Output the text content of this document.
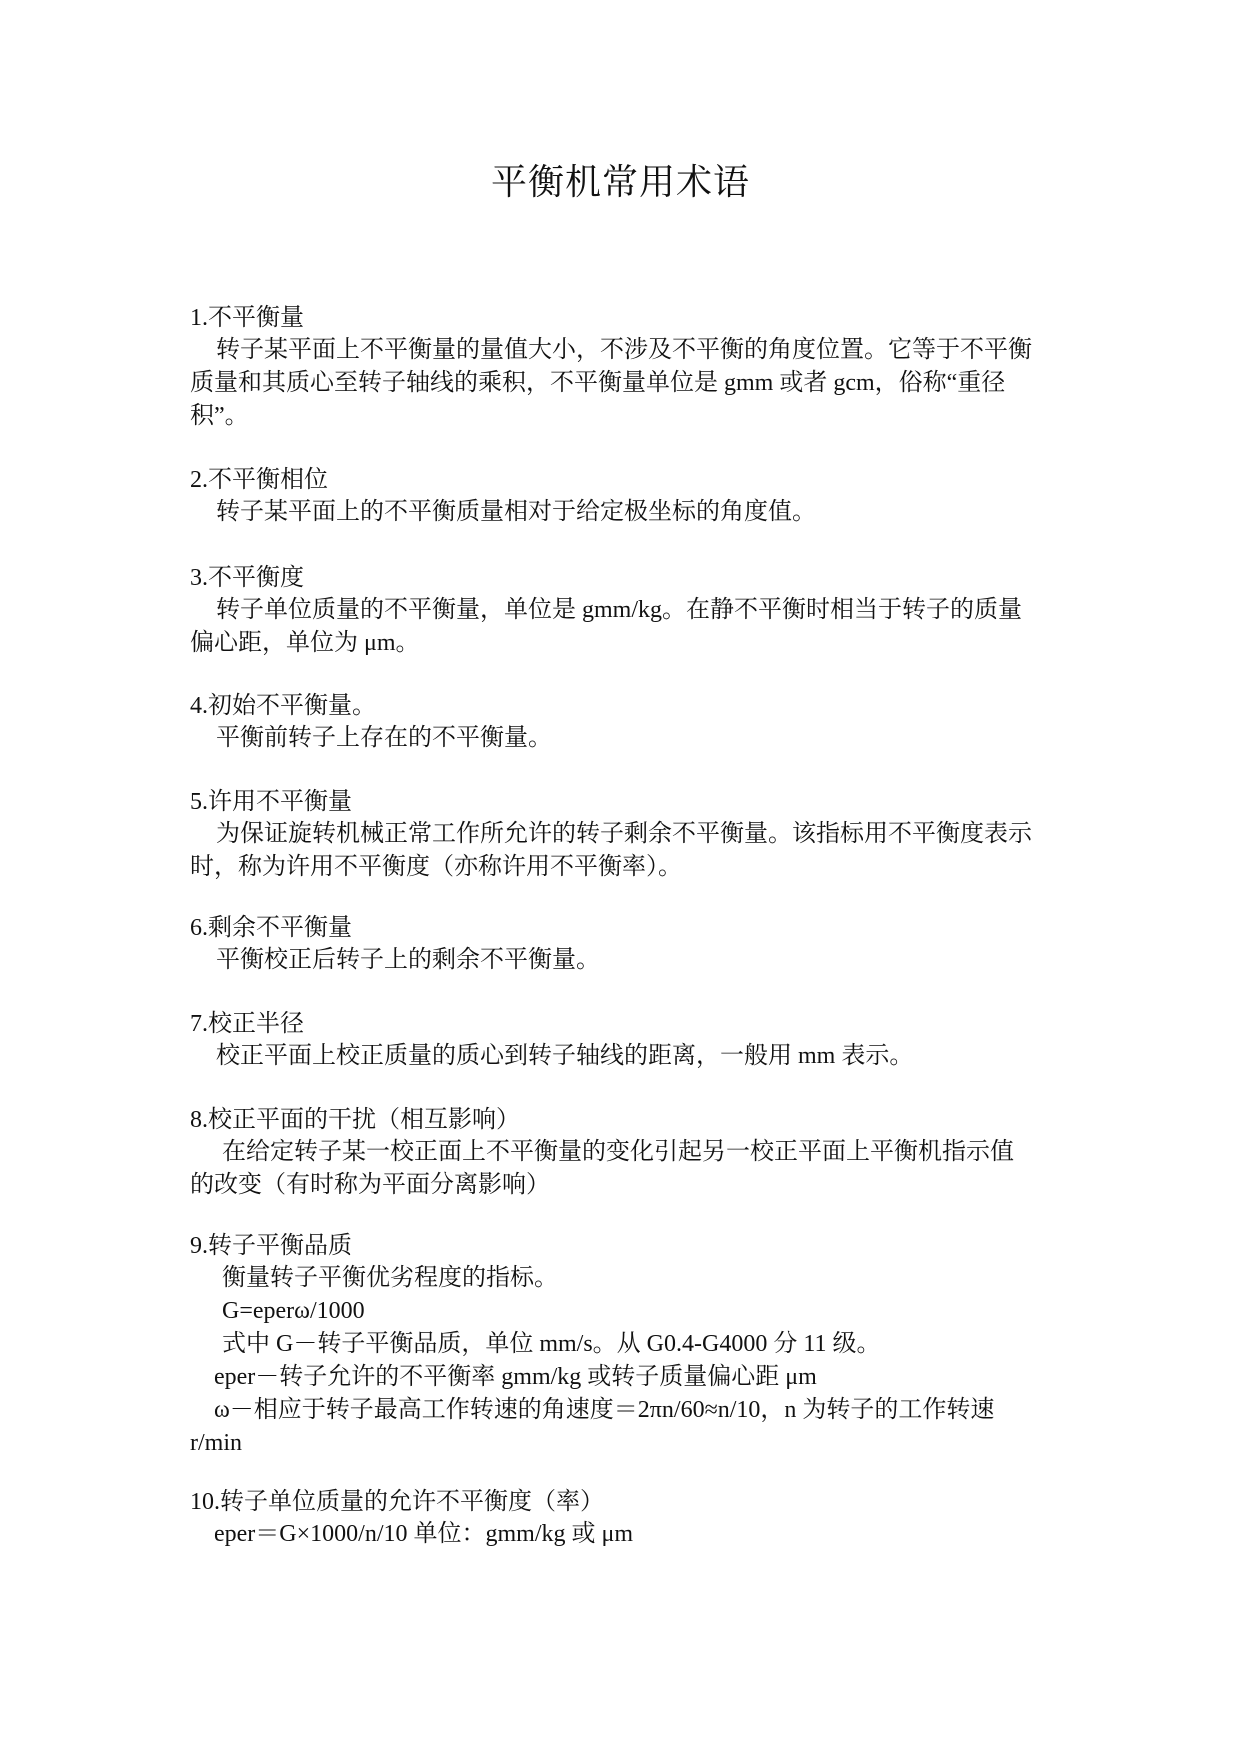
平衡机常用术语
1.不平衡量
转子某平面上不平衡量的量值大小，不涉及不平衡的角度位置。它等于不平衡
质量和其质心至转子轴线的乘积，不平衡量单位是 gmm 或者 gcm，俗称“重径
积”。
2.不平衡相位
转子某平面上的不平衡质量相对于给定极坐标的角度值。
3.不平衡度
转子单位质量的不平衡量，单位是 gmm/kg。在静不平衡时相当于转子的质量
偏心距，单位为 μm。
4.初始不平衡量。
平衡前转子上存在的不平衡量。
5.许用不平衡量
为保证旋转机械正常工作所允许的转子剩余不平衡量。该指标用不平衡度表示
时，称为许用不平衡度（亦称许用不平衡率）。
6.剩余不平衡量
平衡校正后转子上的剩余不平衡量。
7.校正半径
校正平面上校正质量的质心到转子轴线的距离，一般用 mm 表示。
8.校正平面的干扰（相互影响）
在给定转子某一校正面上不平衡量的变化引起另一校正平面上平衡机指示值
的改变（有时称为平面分离影响）
9.转子平衡品质
衡量转子平衡优劣程度的指标。
G=eperω/1000
式中 G－转子平衡品质，单位 mm/s。从 G0.4-G4000 分 11 级。
eper－转子允许的不平衡率 gmm/kg 或转子质量偏心距 μm
ω－相应于转子最高工作转速的角速度＝2πn/60≈n/10，n 为转子的工作转速
r/min
10.转子单位质量的允许不平衡度（率）
eper＝G×1000/n/10 单位：gmm/kg 或 μm
